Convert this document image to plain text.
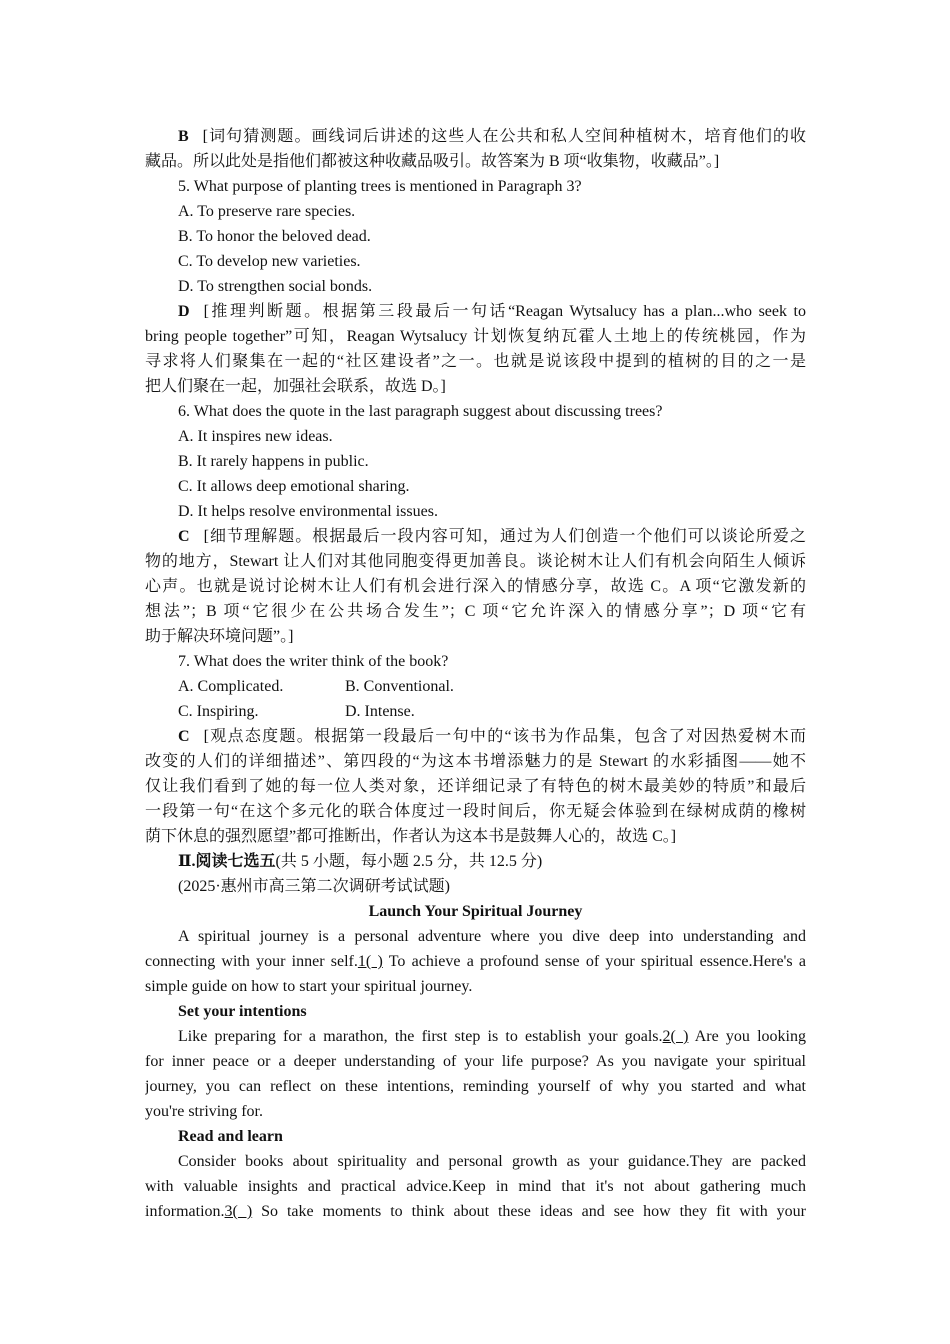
B [词句猜测题。画线词后讲述的这些人在公共和私人空间种植树木，培育他们的收
藏品。所以此处是指他们都被这种收藏品吸引。故答案为 B 项“收集物，收藏品”。]
5. What purpose of planting trees is mentioned in Paragraph 3?
A. To preserve rare species.
B. To honor the beloved dead.
C. To develop new varieties.
D. To strengthen social bonds.
D [推理判断题。根据第三段最后一句话“Reagan Wytsalucy has a plan...who seek to
bring people together”可知，Reagan Wytsalucy 计划恢复纳瓦霍人土地上的传统桃园，作为
寻求将人们聚集在一起的“社区建设者”之一。也就是说该段中提到的植树的目的之一是
把人们聚在一起，加强社会联系，故选 D。]
6. What does the quote in the last paragraph suggest about discussing trees?
A. It inspires new ideas.
B. It rarely happens in public.
C. It allows deep emotional sharing.
D. It helps resolve environmental issues.
C [细节理解题。根据最后一段内容可知，通过为人们创造一个他们可以谈论所爱之
物的地方，Stewart 让人们对其他同胞变得更加善良。谈论树木让人们有机会向陌生人倾诉
心声。也就是说讨论树木让人们有机会进行深入的情感分享，故选 C。A 项“它激发新的
想法”；B 项“它很少在公共场合发生”；C 项“它允许深入的情感分享”；D 项“它有
助于解决环境问题”。]
7. What does the writer think of the book?
A. Complicated.	B. Conventional.
C. Inspiring.	D. Intense.
C [观点态度题。根据第一段最后一句中的“该书为作品集，包含了对因热爱树木而
改变的人们的详细描述”、第四段的“为这本书增添魅力的是 Stewart 的水彩插图——她不
仅让我们看到了她的每一位人类对象，还详细记录了有特色的树木最美妙的特质”和最后
一段第一句“在这个多元化的联合体度过一段时间后，你无疑会体验到在绿树成荫的橡树
荫下休息的强烈愿望”都可推断出，作者认为这本书是鼓舞人心的，故选 C。]
Ⅱ.阅读七选五(共 5 小题，每小题 2.5 分，共 12.5 分)
(2025·惠州市高三第二次调研考试试题)
Launch Your Spiritual Journey
A spiritual journey is a personal adventure where you dive deep into understanding and
connecting with your inner self.1( ) To achieve a profound sense of your spiritual essence.Here's a
simple guide on how to start your spiritual journey.
Set your intentions
Like preparing for a marathon, the first step is to establish your goals.2( ) Are you looking
for inner peace or a deeper understanding of your life purpose? As you navigate your spiritual
journey, you can reflect on these intentions, reminding yourself of why you started and what
you're striving for.
Read and learn
Consider books about spirituality and personal growth as your guidance.They are packed
with valuable insights and practical advice.Keep in mind that it's not about gathering much
information.3( ) So take moments to think about these ideas and see how they fit with your
